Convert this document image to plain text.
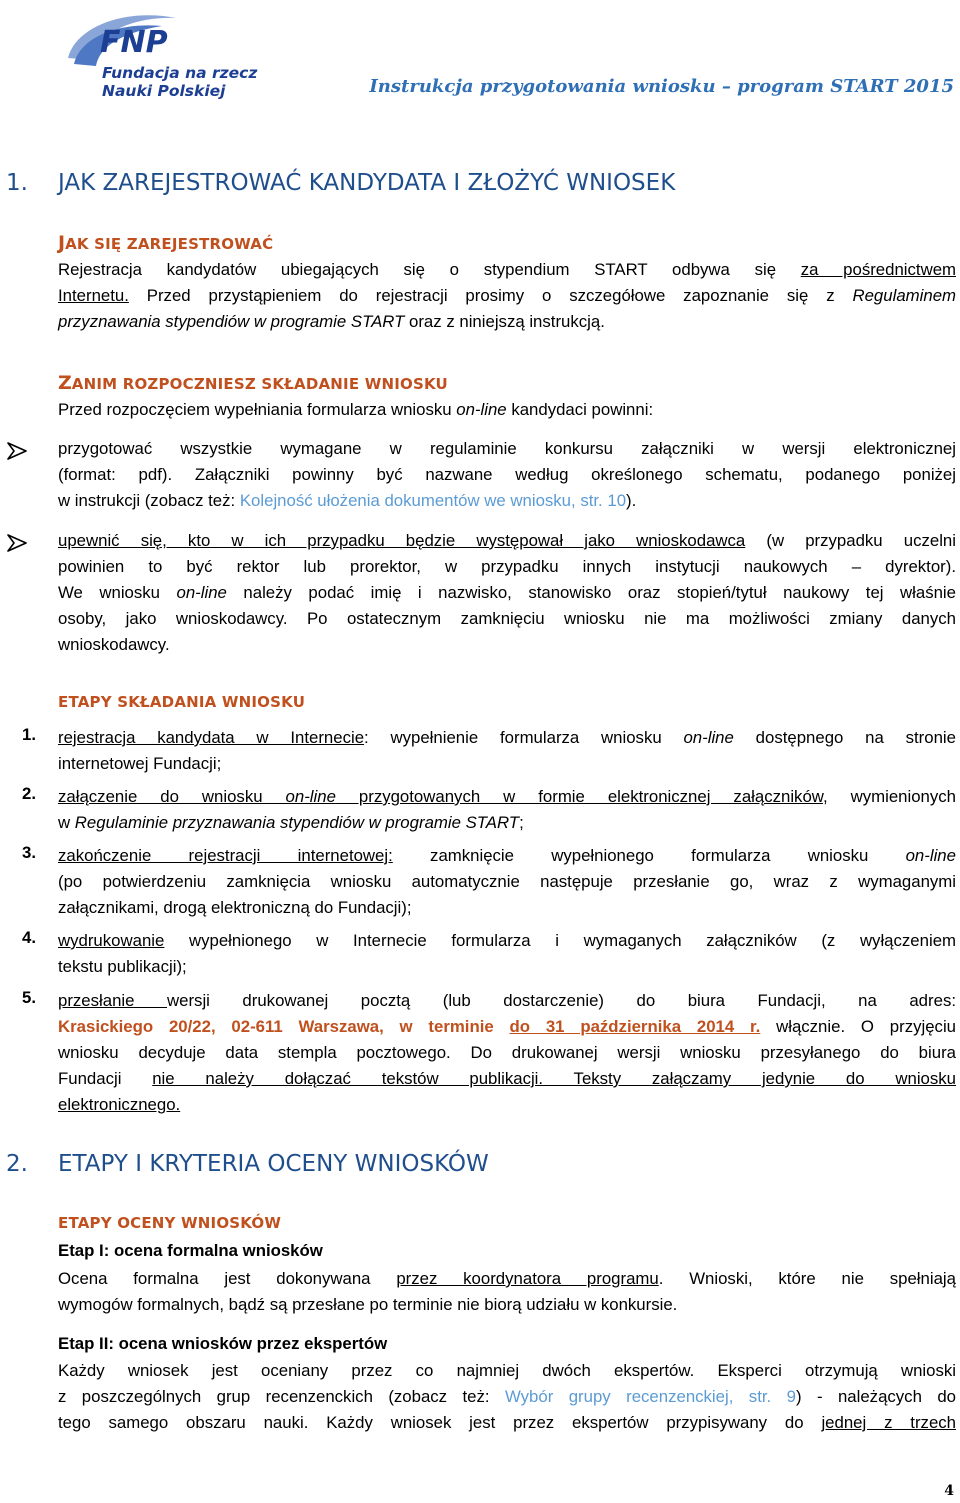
FNP
Fundacja na rzecz
Nauki Polskiej	Instrukcja przygotowania wniosku – program START 2015
1. JAK ZAREJESTROWAĆ KANDYDATA I ZŁOŻYĆ WNIOSEK
JAK SIĘ ZAREJESTROWAĆ
Rejestracja kandydatów ubiegających się o stypendium START odbywa się za pośrednictwem
Internetu. Przed przystąpieniem do rejestracji prosimy o szczegółowe zapoznanie się z Regulaminem
przyznawania stypendiów w programie START oraz z niniejszą instrukcją.
ZANIM ROZPOCZNIESZ SKŁADANIE WNIOSKU
Przed rozpoczęciem wypełniania formularza wniosku on-line kandydaci powinni:
przygotować wszystkie wymagane w regulaminie konkursu załączniki w wersji elektronicznej
(format: pdf). Załączniki powinny być nazwane według określonego schematu, podanego poniżej
w instrukcji (zobacz też: Kolejność ułożenia dokumentów we wniosku, str. 10).
upewnić się, kto w ich przypadku będzie występował jako wnioskodawca (w przypadku uczelni
powinien to być rektor lub prorektor, w przypadku innych instytucji naukowych – dyrektor).
We wniosku on-line należy podać imię i nazwisko, stanowisko oraz stopień/tytuł naukowy tej właśnie
osoby, jako wnioskodawcy. Po ostatecznym zamknięciu wniosku nie ma możliwości zmiany danych
wnioskodawcy.
ETAPY SKŁADANIA WNIOSKU
1. rejestracja kandydata w Internecie: wypełnienie formularza wniosku on-line dostępnego na stronie
internetowej Fundacji;
2. załączenie do wniosku on-line przygotowanych w formie elektronicznej załączników, wymienionych
w Regulaminie przyznawania stypendiów w programie START;
3. zakończenie rejestracji internetowej: zamknięcie wypełnionego formularza wniosku on-line
(po potwierdzeniu zamknięcia wniosku automatycznie następuje przesłanie go, wraz z wymaganymi
załącznikami, drogą elektroniczną do Fundacji);
4. wydrukowanie wypełnionego w Internecie formularza i wymaganych załączników (z wyłączeniem
tekstu publikacji);
5. przesłanie wersji drukowanej pocztą (lub dostarczenie) do biura Fundacji, na adres:
Krasickiego 20/22, 02-611 Warszawa, w terminie do 31 października 2014 r. włącznie. O przyjęciu
wniosku decyduje data stempla pocztowego. Do drukowanej wersji wniosku przesyłanego do biura
Fundacji nie należy dołączać tekstów publikacji. Teksty załączamy jedynie do wniosku
elektronicznego.
2. ETAPY I KRYTERIA OCENY WNIOSKÓW
ETAPY OCENY WNIOSKÓW
Etap I: ocena formalna wniosków
Ocena formalna jest dokonywana przez koordynatora programu. Wnioski, które nie spełniają
wymogów formalnych, bądź są przesłane po terminie nie biorą udziału w konkursie.
Etap II: ocena wniosków przez ekspertów
Każdy wniosek jest oceniany przez co najmniej dwóch ekspertów. Eksperci otrzymują wnioski
z poszczególnych grup recenzenckich (zobacz też: Wybór grupy recenzenckiej, str. 9) - należących do
tego samego obszaru nauki. Każdy wniosek jest przez ekspertów przypisywany do jednej z trzech
4
